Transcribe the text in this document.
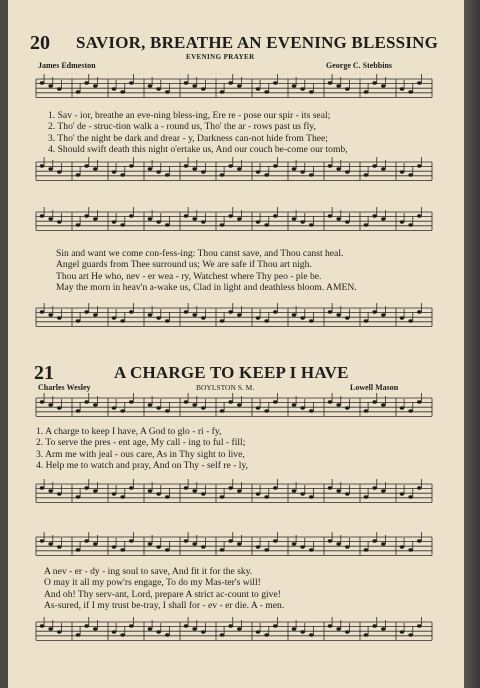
20 SAVIOR, BREATHE AN EVENING BLESSING
EVENING PRAYER
James Edmeston	George C. Stebbins
1. Sav - ior, breathe an eve-ning bless-ing, Ere re - pose our spir - its seal;
2. Tho' de - struc-tion walk a - round us, Tho' the ar - rows past us fly,
3. Tho' the night be dark and drear - y, Darkness can-not hide from Thee;
4. Should swift death this night o'ertake us, And our couch be-come our tomb,
Sin and want we come con-fess-ing: Thou canst save, and Thou canst heal.
Angel guards from Thee surround us; We are safe if Thou art nigh.
Thou art He who, nev - er wea - ry, Watchest where Thy peo - ple be.
May the morn in heav'n a-wake us, Clad in light and deathless bloom. AMEN.
21	A CHARGE TO KEEP I HAVE
Charles Wesley	BOYLSTON S. M.	Lowell Mason
1. A charge to keep I have, A God to glo - ri - fy,
2. To serve the pres - ent age, My call - ing to ful - fill;
3. Arm me with jeal - ous care, As in Thy sight to live,
4. Help me to watch and pray, And on Thy - self re - ly,
A nev - er - dy - ing soul to save, And fit it for the sky.
O may it all my pow'rs engage, To do my Mas-ter's will!
And oh! Thy serv-ant, Lord, prepare A strict ac-count to give!
As-sured, if I my trust be-tray, I shall for - ev - er die. A - men.
